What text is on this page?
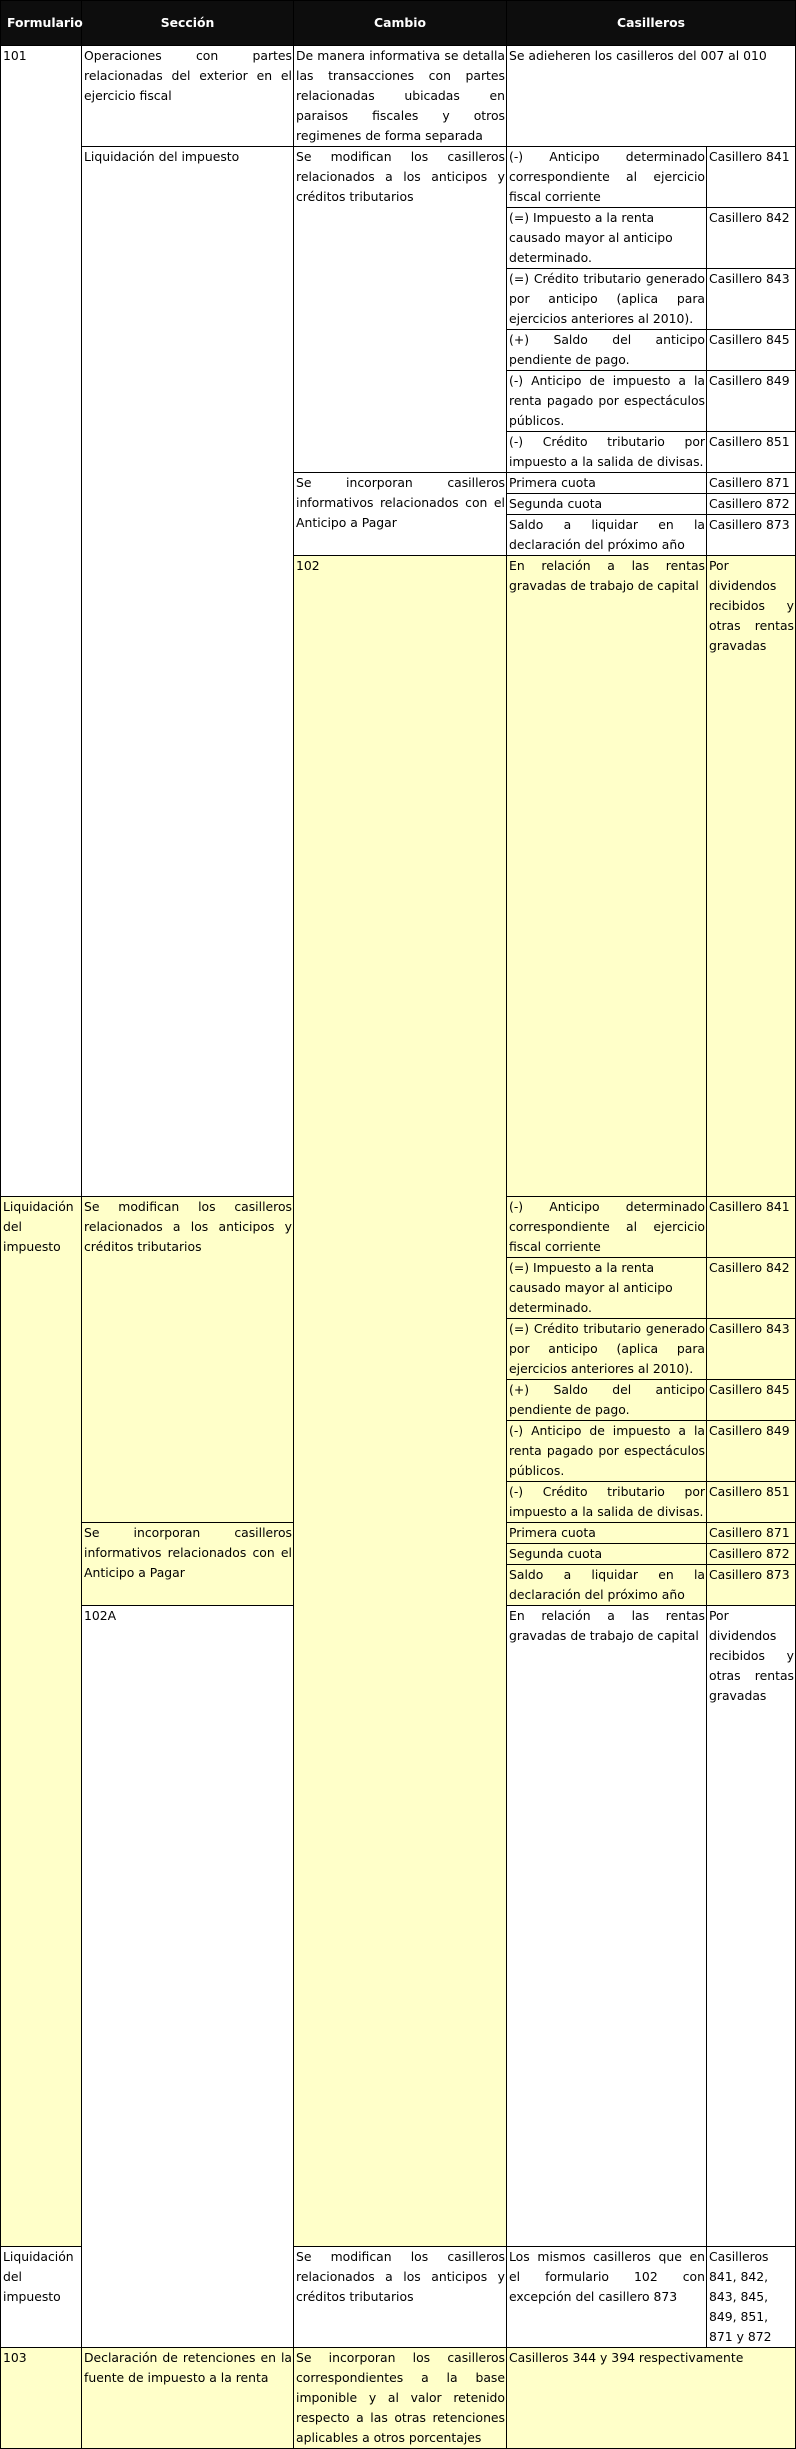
Formulario	Sección	Cambio	Casilleros		
101	Operaciones con partes relacionadas del exterior en el ejercicio fiscal	De manera informativa se detalla las transacciones con partes relacionadas ubicadas en paraisos fiscales y otros regimenes de forma separada	Se adieheren los casilleros del 007 al 010		
	Liquidación del impuesto	Se modifican los casilleros relacionados a los anticipos y créditos tributarios	(-) Anticipo determinado correspondiente al ejercicio fiscal corriente	Casillero 841	
			(=) Impuesto a la renta causado mayor al anticipo determinado.	Casillero 842	
			(=) Crédito tributario generado por anticipo (aplica para ejercicios anteriores al 2010).	Casillero 843	
			(+) Saldo del anticipo pendiente de pago.	Casillero 845	
			(-) Anticipo de impuesto a la renta pagado por espectáculos públicos.	Casillero 849	
			(-) Crédito tributario por impuesto a la salida de divisas.	Casillero 851	
		Se incorporan casilleros informativos relacionados con el Anticipo a Pagar	Primera cuota	Casillero 871	
			Segunda cuota	Casillero 872	
			Saldo a liquidar en la declaración del próximo año	Casillero 873	
		102	En relación a las rentas gravadas de trabajo de capital	Por dividendos recibidos y otras rentas gravadas	
Liquidación del impuesto	Se modifican los casilleros relacionados a los anticipos y créditos tributarios		(-) Anticipo determinado correspondiente al ejercicio fiscal corriente	Casillero 841	
			(=) Impuesto a la renta causado mayor al anticipo determinado.	Casillero 842	
			(=) Crédito tributario generado por anticipo (aplica para ejercicios anteriores al 2010).	Casillero 843	
			(+) Saldo del anticipo pendiente de pago.	Casillero 845	
			(-) Anticipo de impuesto a la renta pagado por espectáculos públicos.	Casillero 849	
			(-) Crédito tributario por impuesto a la salida de divisas.	Casillero 851	
	Se incorporan casilleros informativos relacionados con el Anticipo a Pagar		Primera cuota	Casillero 871	
			Segunda cuota	Casillero 872	
			Saldo a liquidar en la declaración del próximo año	Casillero 873	
	102A		En relación a las rentas gravadas de trabajo de capital	Por dividendos recibidos y otras rentas gravadas	
Liquidación del impuesto		Se modifican los casilleros relacionados a los anticipos y créditos tributarios	Los mismos casilleros que en el formulario 102 con excepción del casillero 873	Casilleros 841, 842, 843, 845, 849, 851, 871 y 872	
103	Declaración de retenciones en la fuente de impuesto a la renta	Se incorporan los casilleros correspondientes a la base imponible y al valor retenido respecto a las otras retenciones aplicables a otros porcentajes	Casilleros 344 y 394 respectivamente		
